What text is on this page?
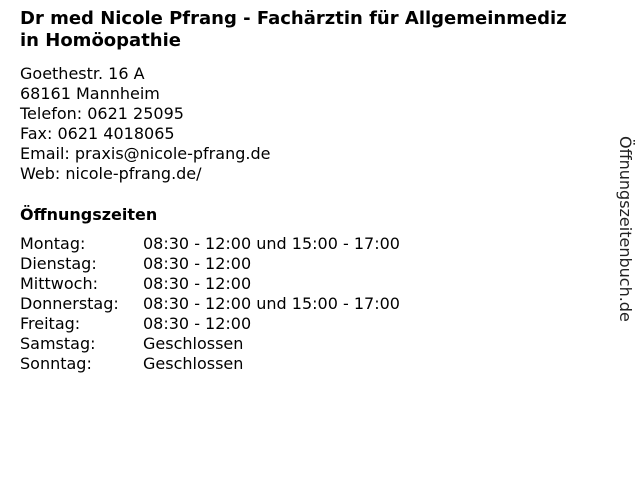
Dr med Nicole Pfrang - Fachärztin für Allgemeinmediz
in Homöopathie
Goethestr. 16 A
68161 Mannheim
Telefon: 0621 25095
Fax: 0621 4018065
Email: praxis@nicole-pfrang.de
Web: nicole-pfrang.de/
Öffnungszeiten
Montag:	08:30 - 12:00 und 15:00 - 17:00
Dienstag:	08:30 - 12:00
Mittwoch:	08:30 - 12:00
Donnerstag: 08:30 - 12:00 und 15:00 - 17:00
Freitag:	08:30 - 12:00
Samstag:	Geschlossen
Sonntag:	Geschlossen
Öffnungszeitenbuch.de
